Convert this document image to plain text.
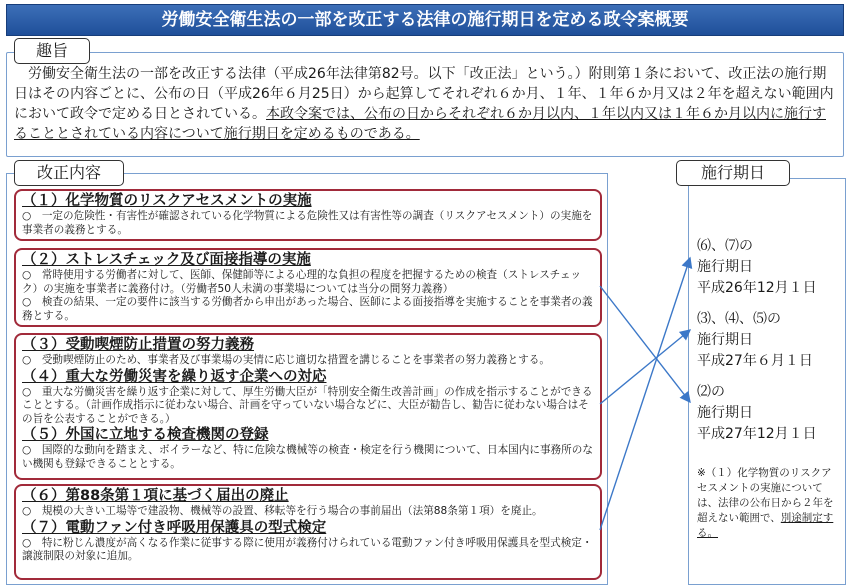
労働安全衛生法の一部を改正する法律の施行期日を定める政令案概要
趣旨
労働安全衛生法の一部を改正する法律（平成26年法律第82号。以下「改正法」という。）附則第１条において、改正法の施行期日はその内容ごとに、公布の日（平成26年６月25日）から起算してそれぞれ６か月、１年、１年６か月又は２年を超えない範囲内において政令で定める日とされている。本政令案では、公布の日からそれぞれ６か月以内、１年以内又は１年６か月以内に施行することとされている内容について施行期日を定めるものである。
改正内容
（１）化学物質のリスクアセスメントの実施
○　一定の危険性・有害性が確認されている化学物質による危険性又は有害性等の調査（リスクアセスメント）の実施を事業者の義務とする。
（２）ストレスチェック及び面接指導の実施
○　常時使用する労働者に対して、医師、保健師等による心理的な負担の程度を把握するための検査（ストレスチェック）の実施を事業者に義務付け。（労働者50人未満の事業場については当分の間努力義務）
○　検査の結果、一定の要件に該当する労働者から申出があった場合、医師による面接指導を実施することを事業者の義務とする。
（３）受動喫煙防止措置の努力義務
○　受動喫煙防止のため、事業者及び事業場の実情に応じ適切な措置を講じることを事業者の努力義務とする。
（４）重大な労働災害を繰り返す企業への対応
○　重大な労働災害を繰り返す企業に対して、厚生労働大臣が「特別安全衛生改善計画」の作成を指示することができることとする。（計画作成指示に従わない場合、計画を守っていない場合などに、大臣が勧告し、勧告に従わない場合はその旨を公表することができる。）
（５）外国に立地する検査機関の登録
○　国際的な動向を踏まえ、ボイラーなど、特に危険な機械等の検査・検定を行う機関について、日本国内に事務所のない機関も登録できることとする。
（６）第88条第１項に基づく届出の廃止
○　規模の大きい工場等で建設物、機械等の設置、移転等を行う場合の事前届出（法第88条第１項）を廃止。
（７）電動ファン付き呼吸用保護具の型式検定
○　特に粉じん濃度が高くなる作業に従事する際に使用が義務付けられている電動ファン付き呼吸用保護具を型式検定・譲渡制限の対象に追加。
施行期日
⑹、⑺の
施行期日
平成26年12月１日
⑶、⑷、⑸の
施行期日
平成27年６月１日
⑵の
施行期日
平成27年12月１日
※（１）化学物質のリスクアセスメントの実施については、法律の公布日から２年を超えない範囲で、別途制定する。
